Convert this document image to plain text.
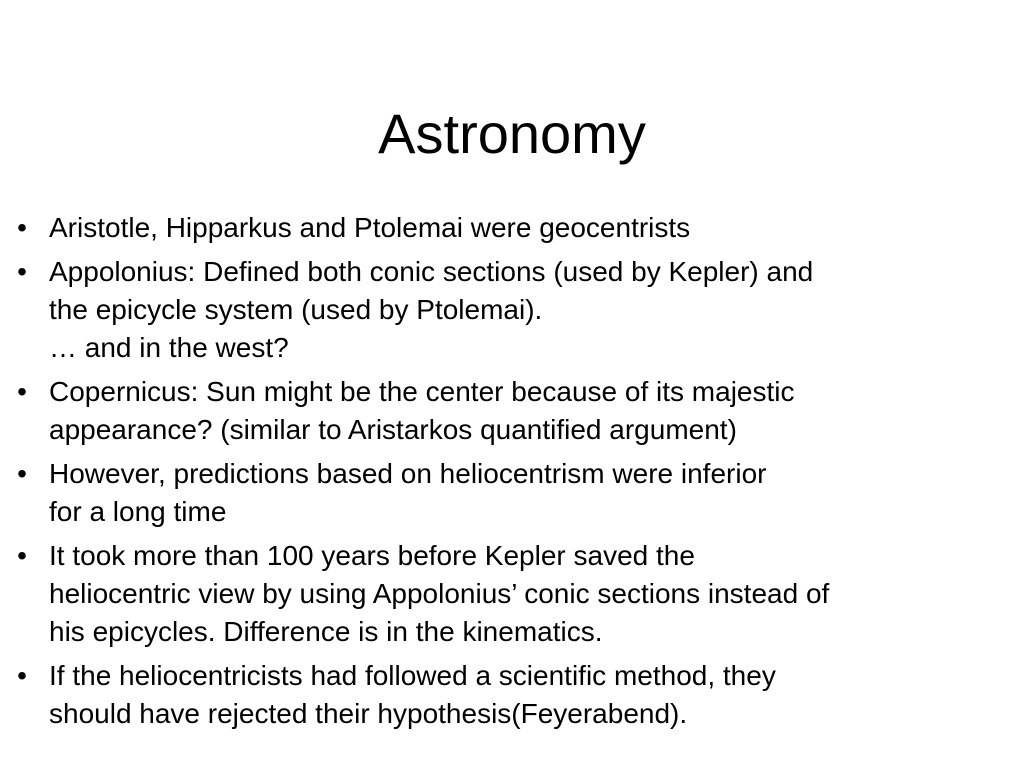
Astronomy
• Aristotle, Hipparkus and Ptolemai were geocentrists
• Appolonius: Defined both conic sections (used by Kepler) and
the epicycle system (used by Ptolemai).
… and in the west?
• Copernicus: Sun might be the center because of its majestic
appearance? (similar to Aristarkos quantified argument)
• However, predictions based on heliocentrism were inferior
for a long time
• It took more than 100 years before Kepler saved the
heliocentric view by using Appolonius’ conic sections instead of
his epicycles. Difference is in the kinematics.
• If the heliocentricists had followed a scientific method, they
should have rejected their hypothesis(Feyerabend).
